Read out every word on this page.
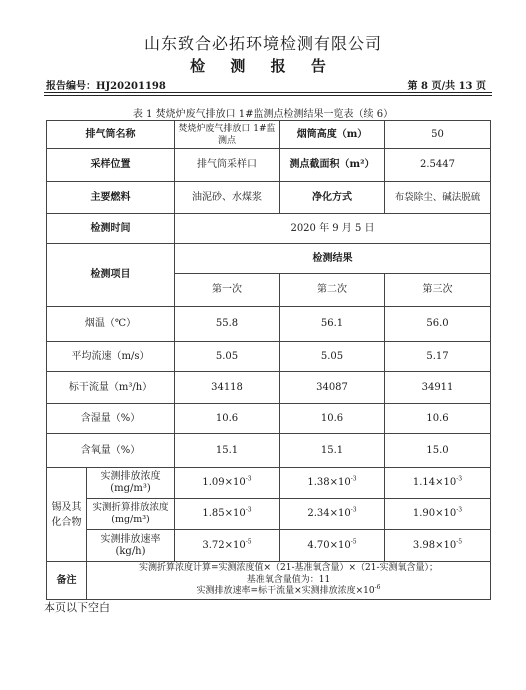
山东致合必拓环境检测有限公司
检 测 报 告
报告编号：HJ20201198	第 8 页/共 13 页
表 1 焚烧炉废气排放口 1#监测点检测结果一览表（续 6）
排气筒名称		焚烧炉废气排放口 1#监测点	烟筒高度（m）	50
采样位置		排气筒采样口	测点截面积（m²）	2.5447
主要燃料		油泥砂、水煤浆	净化方式	布袋除尘、碱法脱硫
检测时间		2020 年 9 月 5 日		
检测项目		检测结果		
		第一次	第二次	第三次
烟温（℃）		55.8	56.1	56.0
平均流速（m/s）		5.05	5.05	5.17
标干流量（m³/h）		34118	34087	34911
含湿量（%）		10.6	10.6	10.6
含氧量（%）		15.1	15.1	15.0
锡及其化合物	实测排放浓度
(mg/m³)	$1.09\times 10^{-3}$	$1.38\times 10^{-3}$	$1.14\times 10^{-3}$
	实测折算排放浓度
(mg/m³)	$1.85\times 10^{-3}$	$2.34\times 10^{-3}$	$1.90\times 10^{-3}$
	实测排放速率
(kg/h)	$3.72\times 10^{-5}$	$4.70\times 10^{-5}$	$3.98\times 10^{-5}$
备注	实测折算浓度计算=实测浓度值×（21-基准氧含量）×（21-实测氧含量）；
基准氧含量值为：11
实测排放速率=标干流量×实测排放浓度$\times 10^{-6}$
本页以下空白
